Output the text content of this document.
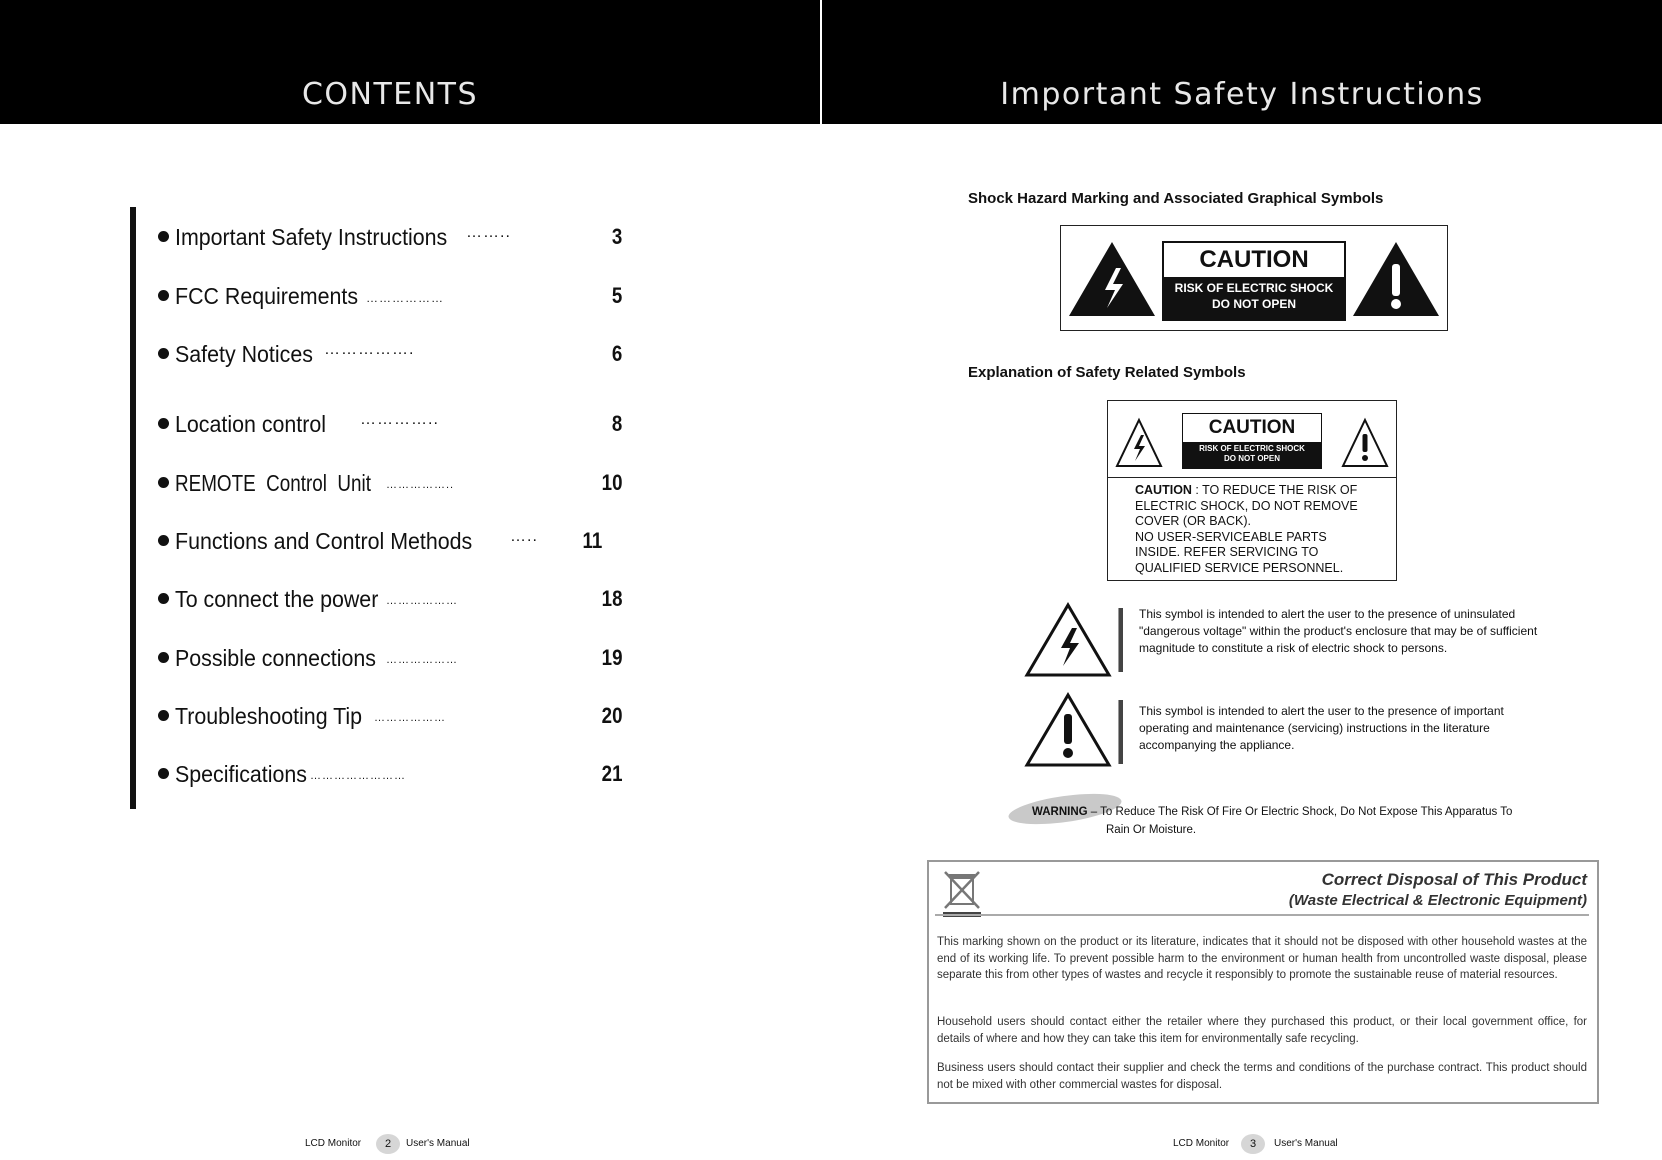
CONTENTS
Important Safety Instructions ……..	3
FCC Requirements ………………	5
Safety Notices …………….	6
Location control …………..	8
REMOTE  Control  Unit ……………..	10
Functions and Control Methods ….. 11
To connect the power ………………	18
Possible connections ………………	19
Troubleshooting Tip ………………	20
Specifications ……………………	21
LCD Monitor	2	User's Manual
Important Safety Instructions
Shock Hazard Marking and Associated Graphical Symbols
CAUTION
RISK OF ELECTRIC SHOCK
DO NOT OPEN
Explanation of Safety Related Symbols
CAUTION
RISK OF ELECTRIC SHOCK
DO NOT OPEN
CAUTION : TO REDUCE THE RISK OF
ELECTRIC SHOCK, DO NOT REMOVE
COVER (OR BACK).
NO USER-SERVICEABLE PARTS
INSIDE. REFER SERVICING TO
QUALIFIED SERVICE PERSONNEL.
This symbol is intended to alert the user to the presence of uninsulated
"dangerous voltage" within the product's enclosure that may be of sufficient
magnitude to constitute a risk of electric shock to persons.
This symbol is intended to alert the user to the presence of important
operating and maintenance (servicing) instructions in the literature
accompanying the appliance.
WARNING – To Reduce The Risk Of Fire Or Electric Shock, Do Not Expose This Apparatus To
Rain Or Moisture.
Correct Disposal of This Product
(Waste Electrical & Electronic Equipment)
This marking shown on the product or its literature, indicates that it should not be disposed with other household wastes at the end of its working life. To prevent possible harm to the environment or human health from uncontrolled waste disposal, please separate this from other types of wastes and recycle it responsibly to promote the sustainable reuse of material resources.
Household users should contact either the retailer where they purchased this product, or their local government office, for details of where and how they can take this item for environmentally safe recycling.
Business users should contact their supplier and check the terms and conditions of the purchase contract. This product should not be mixed with other commercial wastes for disposal.
LCD Monitor	3	User's Manual
